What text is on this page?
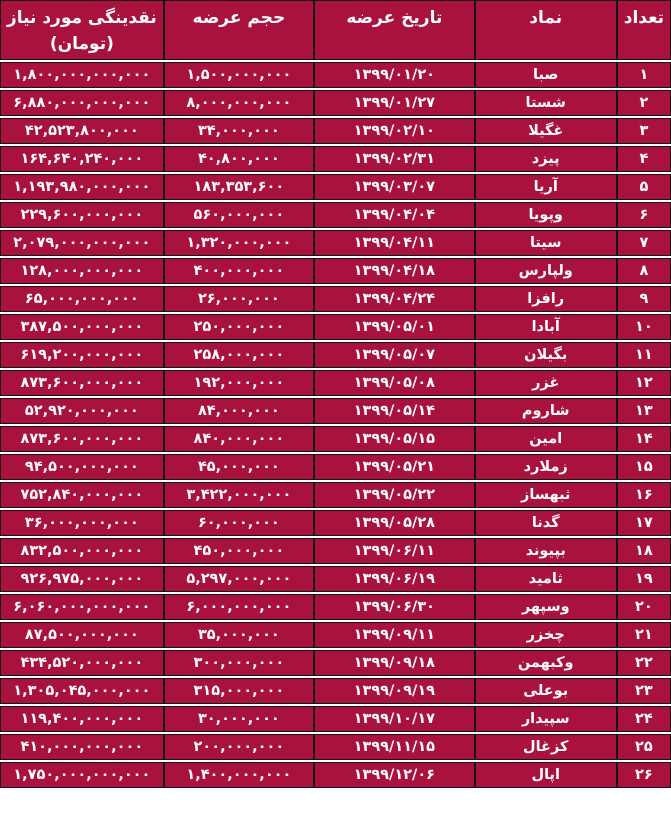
تعداد	نماد	تاریخ عرضه	حجم عرضه	نقدینگی مورد نیاز
(تومان)

۱	صبا	۱۳۹۹/۰۱/۲۰	۱,۵۰۰,۰۰۰,۰۰۰	۱,۸۰۰,۰۰۰,۰۰۰,۰۰۰
۲	شستا	۱۳۹۹/۰۱/۲۷	۸,۰۰۰,۰۰۰,۰۰۰	۶,۸۸۰,۰۰۰,۰۰۰,۰۰۰
۳	غگیلا	۱۳۹۹/۰۲/۱۰	۳۴,۰۰۰,۰۰۰	۴۲,۵۲۳,۸۰۰,۰۰۰
۴	پیزد	۱۳۹۹/۰۲/۳۱	۴۰,۸۰۰,۰۰۰	۱۶۴,۶۴۰,۲۴۰,۰۰۰
۵	آریا	۱۳۹۹/۰۳/۰۷	۱۸۳,۳۵۳,۶۰۰	۱,۱۹۳,۹۸۰,۰۰۰,۰۰۰
۶	وپویا	۱۳۹۹/۰۴/۰۴	۵۶۰,۰۰۰,۰۰۰	۲۲۹,۶۰۰,۰۰۰,۰۰۰
۷	سیتا	۱۳۹۹/۰۴/۱۱	۱,۳۲۰,۰۰۰,۰۰۰	۲,۰۷۹,۰۰۰,۰۰۰,۰۰۰
۸	ولپارس	۱۳۹۹/۰۴/۱۸	۴۰۰,۰۰۰,۰۰۰	۱۲۸,۰۰۰,۰۰۰,۰۰۰
۹	رافزا	۱۳۹۹/۰۴/۲۴	۲۶,۰۰۰,۰۰۰	۶۵,۰۰۰,۰۰۰,۰۰۰
۱۰	آبادا	۱۳۹۹/۰۵/۰۱	۲۵۰,۰۰۰,۰۰۰	۳۸۷,۵۰۰,۰۰۰,۰۰۰
۱۱	بگیلان	۱۳۹۹/۰۵/۰۷	۲۵۸,۰۰۰,۰۰۰	۶۱۹,۲۰۰,۰۰۰,۰۰۰
۱۲	غزر	۱۳۹۹/۰۵/۰۸	۱۹۲,۰۰۰,۰۰۰	۸۷۳,۶۰۰,۰۰۰,۰۰۰
۱۳	شاروم	۱۳۹۹/۰۵/۱۴	۸۴,۰۰۰,۰۰۰	۵۲,۹۲۰,۰۰۰,۰۰۰
۱۴	امین	۱۳۹۹/۰۵/۱۵	۸۴۰,۰۰۰,۰۰۰	۸۷۳,۶۰۰,۰۰۰,۰۰۰
۱۵	زملارد	۱۳۹۹/۰۵/۲۱	۴۵,۰۰۰,۰۰۰	۹۴,۵۰۰,۰۰۰,۰۰۰
۱۶	ثبهساز	۱۳۹۹/۰۵/۲۲	۳,۴۲۲,۰۰۰,۰۰۰	۷۵۲,۸۴۰,۰۰۰,۰۰۰
۱۷	گدنا	۱۳۹۹/۰۵/۲۸	۶۰,۰۰۰,۰۰۰	۳۶,۰۰۰,۰۰۰,۰۰۰
۱۸	بپیوند	۱۳۹۹/۰۶/۱۱	۴۵۰,۰۰۰,۰۰۰	۸۳۲,۵۰۰,۰۰۰,۰۰۰
۱۹	ثامید	۱۳۹۹/۰۶/۱۹	۵,۲۹۷,۰۰۰,۰۰۰	۹۲۶,۹۷۵,۰۰۰,۰۰۰
۲۰	وسپهر	۱۳۹۹/۰۶/۳۰	۶,۰۰۰,۰۰۰,۰۰۰	۶,۰۶۰,۰۰۰,۰۰۰,۰۰۰
۲۱	چخزر	۱۳۹۹/۰۹/۱۱	۳۵,۰۰۰,۰۰۰	۸۷,۵۰۰,۰۰۰,۰۰۰
۲۲	وکبهمن	۱۳۹۹/۰۹/۱۸	۳۰۰,۰۰۰,۰۰۰	۴۳۴,۵۲۰,۰۰۰,۰۰۰
۲۳	بوعلی	۱۳۹۹/۰۹/۱۹	۳۱۵,۰۰۰,۰۰۰	۱,۳۰۵,۰۴۵,۰۰۰,۰۰۰
۲۴	سپیدار	۱۳۹۹/۱۰/۱۷	۳۰,۰۰۰,۰۰۰	۱۱۹,۴۰۰,۰۰۰,۰۰۰
۲۵	کزغال	۱۳۹۹/۱۱/۱۵	۲۰۰,۰۰۰,۰۰۰	۴۱۰,۰۰۰,۰۰۰,۰۰۰
۲۶	اپال	۱۳۹۹/۱۲/۰۶	۱,۴۰۰,۰۰۰,۰۰۰	۱,۷۵۰,۰۰۰,۰۰۰,۰۰۰
